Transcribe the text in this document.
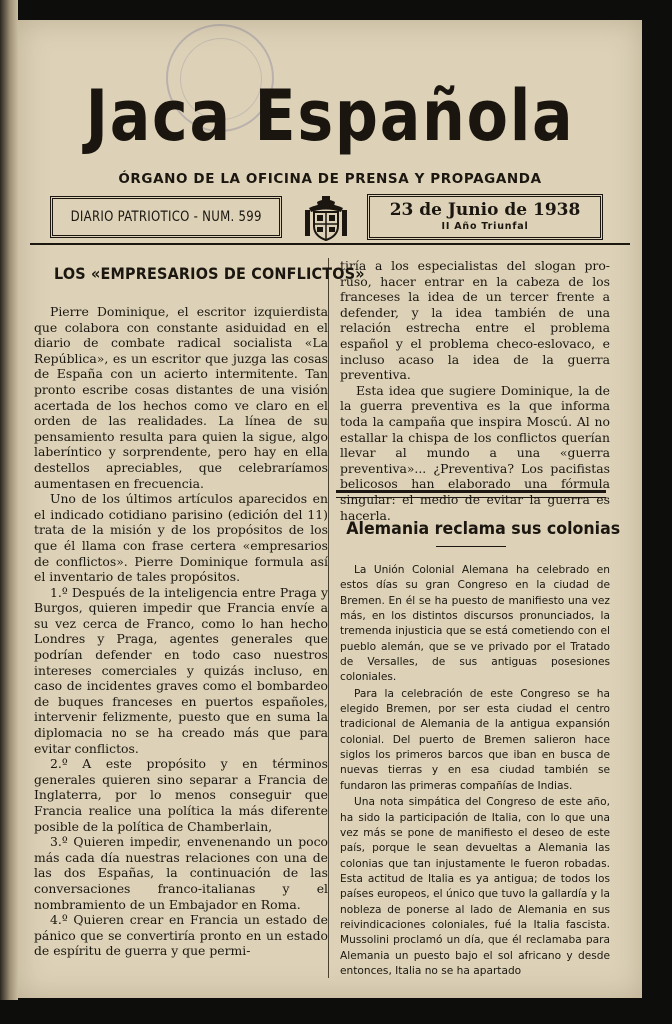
Jaca Española
ÓRGANO DE LA OFICINA DE PRENSA Y PROPAGANDA
DIARIO PATRIOTICO - NUM. 599	23 de Junio de 1938
II Año Triunfal
LOS «EMPRESARIOS DE CONFLICTOS»

Pierre Dominique, el escritor izquierdista que colabora con constante asiduidad en el diario de combate radical socialista «La República», es un escritor que juzga las cosas de España con un acierto intermitente. Tan pronto escribe cosas distantes de una visión acertada de los hechos como ve claro en el orden de las realidades. La línea de su pensamiento resulta para quien la sigue, algo laberíntico y sorprendente, pero hay en ella destellos apreciables, que celebraríamos aumentasen en frecuencia.

Uno de los últimos artículos aparecidos en el indicado cotidiano parisino (edición del 11) trata de la misión y de los propósitos de los que él llama con frase certera «empresarios de conflictos». Pierre Dominique formula así el inventario de tales propósitos.

1.º Después de la inteligencia entre Praga y Burgos, quieren impedir que Francia envíe a su vez cerca de Franco, como lo han hecho Londres y Praga, agentes generales que podrían defender en todo caso nuestros intereses comerciales y quizás incluso, en caso de incidentes graves como el bombardeo de buques franceses en puertos españoles, intervenir felizmente, puesto que en suma la diplomacia no se ha creado más que para evitar conflictos.

2.º A este propósito y en términos generales quieren sino separar a Francia de Inglaterra, por lo menos conseguir que Francia realice una política la más diferente posible de la política de Chamberlain,

3.º Quieren impedir, envenenando un poco más cada día nuestras relaciones con una de las dos Españas, la continuación de las conversaciones franco-italianas y el nombramiento de un Embajador en Roma.

4.º Quieren crear en Francia un estado de pánico que se convertiría pronto en un estado de espíritu de guerra y que permi-

tiría a los especialistas del slogan pro-ruso, hacer entrar en la cabeza de los franceses la idea de un tercer frente a defender, y la idea también de una relación estrecha entre el problema español y el problema checo-eslovaco, e incluso acaso la idea de la guerra preventiva.

Esta idea que sugiere Dominique, la de la guerra preventiva es la que informa toda la campaña que inspira Moscú. Al no estallar la chispa de los conflictos querían llevar al mundo a una «guerra preventiva»... ¿Preventiva? Los pacifistas belicosos han elaborado una fórmula singular: el medio de evitar la guerra es hacerla.

Alemania reclama sus colonias

La Unión Colonial Alemana ha celebrado en estos días su gran Congreso en la ciudad de Bremen. En él se ha puesto de manifiesto una vez más, en los distintos discursos pronunciados, la tremenda injusticia que se está cometiendo con el pueblo alemán, que se ve privado por el Tratado de Versalles, de sus antiguas posesiones coloniales.

Para la celebración de este Congreso se ha elegido Bremen, por ser esta ciudad el centro tradicional de Alemania de la antigua expansión colonial. Del puerto de Bremen salieron hace siglos los primeros barcos que iban en busca de nuevas tierras y en esa ciudad también se fundaron las primeras compañías de Indias.

Una nota simpática del Congreso de este año, ha sido la participación de Italia, con lo que una vez más se pone de manifiesto el deseo de este país, porque le sean devueltas a Alemania las colonias que tan injustamente le fueron robadas. Esta actitud de Italia es ya antigua; de todos los países europeos, el único que tuvo la gallardía y la nobleza de ponerse al lado de Alemania en sus reivindicaciones coloniales, fué la Italia fascista. Mussolini proclamó un día, que él reclamaba para Alemania un puesto bajo el sol africano y desde entonces, Italia no se ha apartado
